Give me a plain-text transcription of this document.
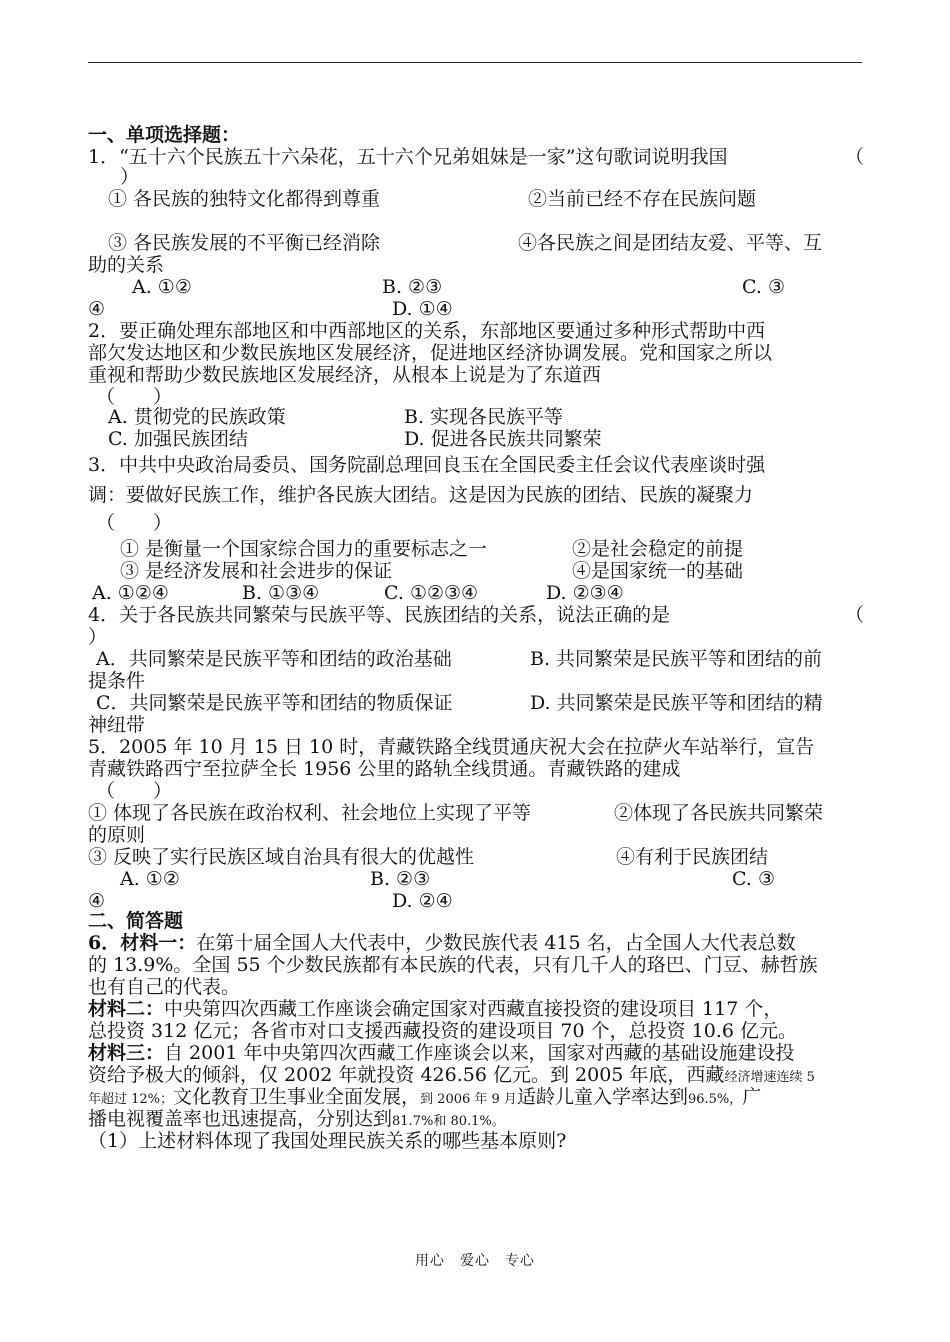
一、单项选择题：
1．“五十六个民族五十六朵花，五十六个兄弟姐妹是一家”这句歌词说明我国	（
）
① 各民族的独特文化都得到尊重	②当前已经不存在民族问题
③ 各民族发展的不平衡已经消除	④各民族之间是团结友爱、平等、互
助的关系
A. ①②	B. ②③	C. ③
④	D. ①④
2．要正确处理东部地区和中西部地区的关系，东部地区要通过多种形式帮助中西
部欠发达地区和少数民族地区发展经济，促进地区经济协调发展。党和国家之所以
重视和帮助少数民族地区发展经济，从根本上说是为了东道西
（　　）
A. 贯彻党的民族政策	B. 实现各民族平等
C. 加强民族团结	D. 促进各民族共同繁荣
3．中共中央政治局委员、国务院副总理回良玉在全国民委主任会议代表座谈时强
调：要做好民族工作，维护各民族大团结。这是因为民族的团结、民族的凝聚力
（　　）
① 是衡量一个国家综合国力的重要标志之一	②是社会稳定的前提
③ 是经济发展和社会进步的保证	④是国家统一的基础
A. ①②④	B. ①③④	C. ①②③④	D. ②③④
4．关于各民族共同繁荣与民族平等、民族团结的关系，说法正确的是	（
）
A．共同繁荣是民族平等和团结的政治基础	B. 共同繁荣是民族平等和团结的前
提条件
C．共同繁荣是民族平等和团结的物质保证	D. 共同繁荣是民族平等和团结的精
神纽带
5．2005 年 10 月 15 日 10 时，青藏铁路全线贯通庆祝大会在拉萨火车站举行，宣告
青藏铁路西宁至拉萨全长 1956 公里的路轨全线贯通。青藏铁路的建成
（　　）
① 体现了各民族在政治权利、社会地位上实现了平等	②体现了各民族共同繁荣
的原则
③ 反映了实行民族区域自治具有很大的优越性	④有利于民族团结
A. ①②	B. ②③	C. ③
④	D. ②④
二、简答题
6．材料一：在第十届全国人大代表中，少数民族代表 415 名，占全国人大代表总数
的 13.9%。全国 55 个少数民族都有本民族的代表，只有几千人的珞巴、门豆、赫哲族
也有自己的代表。
材料二：中央第四次西藏工作座谈会确定国家对西藏直接投资的建设项目 117 个，
总投资 312 亿元；各省市对口支援西藏投资的建设项目 70 个，总投资 10.6 亿元。
材料三：自 2001 年中央第四次西藏工作座谈会以来，国家对西藏的基础设施建设投
资给予极大的倾斜，仅 2002 年就投资 426.56 亿元。到 2005 年底，西藏经济增速连续 5
年超过 12%；文化教育卫生事业全面发展，到 2006 年 9 月适龄儿童入学率达到96.5%，广
播电视覆盖率也迅速提高，分别达到81.7%和 80.1%。
（1）上述材料体现了我国处理民族关系的哪些基本原则?
用心　爱心　专心
